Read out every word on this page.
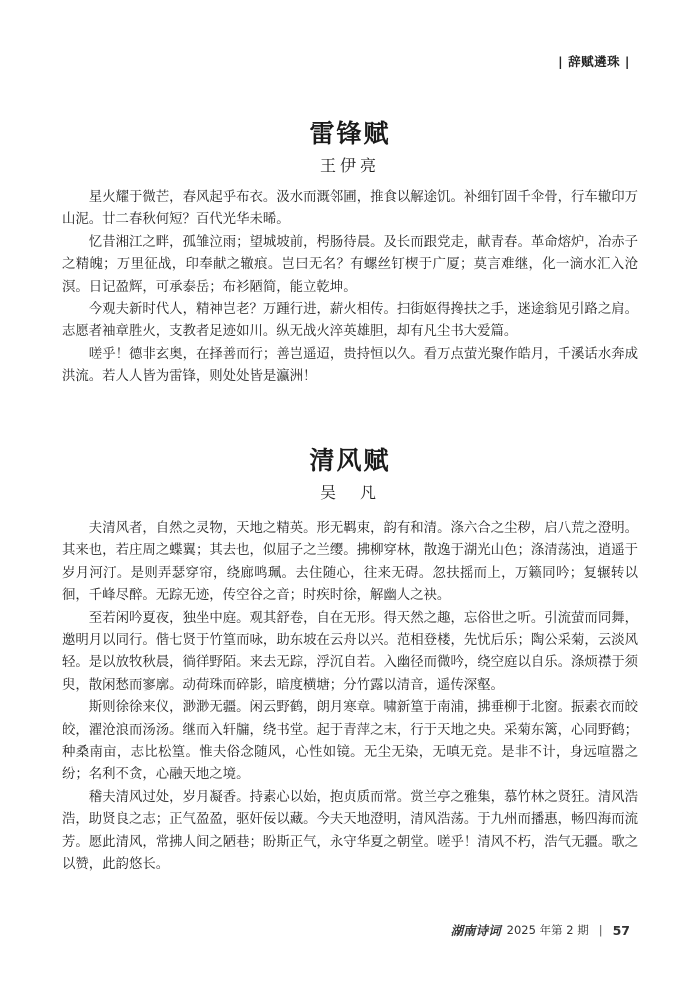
| 辞赋遴珠 |
雷锋赋
王伊亮

星火耀于微芒，春风起乎布衣。汲水而溉邻圃，推食以解途饥。补细钉固千伞骨，行车辙印万山泥。廿二春秋何短？百代光华未晞。

忆昔湘江之畔，孤雏泣雨；望城坡前，枵肠待晨。及长而跟党走，献青春。革命熔炉，冶赤子之精魄；万里征战，印奉献之辙痕。岂曰无名？有螺丝钉楔于广厦；莫言难继，化一滴水汇入沧溟。日记盈辉，可承泰岳；布衫陋简，能立乾坤。

今观夫新时代人，精神岂老？万踵行进，薪火相传。扫街妪得搀扶之手，迷途翁见引路之肩。志愿者袖章胜火，支教者足迹如川。纵无战火淬英雄胆，却有凡尘书大爱篇。

嗟乎！德非玄奥，在择善而行；善岂遥迢，贵持恒以久。看万点萤光聚作皓月，千溪话水奔成洪流。若人人皆为雷锋，则处处皆是瀛洲！

清风赋
吴　凡

夫清风者，自然之灵物，天地之精英。形无羁束，韵有和清。涤六合之尘秽，启八荒之澄明。其来也，若庄周之蝶翼；其去也，似屈子之兰缨。拂柳穿林，散逸于湖光山色；涤清荡浊，逍遥于岁月河汀。是则弄瑟穿帘，绕廊鸣珮。去住随心，往来无碍。忽扶摇而上，万籁同吟；复辗转以徊，千峰尽醉。无踪无迹，传空谷之音；时疾时徐，解幽人之袂。

至若闲吟夏夜，独坐中庭。观其舒卷，自在无形。得天然之趣，忘俗世之听。引流萤而同舞，邀明月以同行。偕七贤于竹篁而咏，助东坡在云舟以兴。范相登楼，先忧后乐；陶公采菊，云淡风轻。是以放牧秋晨，徜徉野陌。来去无踪，浮沉自若。入幽径而微吟，绕空庭以自乐。涤烦襟于须臾，散闲愁而寥廓。动荷珠而碎影，暗度横塘；分竹露以清音，遥传深壑。

斯则徐徐来仪，渺渺无疆。闲云野鹤，朗月寒章。啸新篁于南浦，拂垂柳于北窗。振素衣而皎皎，濯沧浪而汤汤。继而入轩牖，绕书堂。起于青萍之末，行于天地之央。采菊东篱，心同野鹤；种桑南亩，志比松篁。惟夫俗念随风，心性如镜。无尘无染，无嗔无竞。是非不计，身远喧嚣之纷；名利不贪，心融天地之境。

稽夫清风过处，岁月凝香。持素心以始，抱贞质而常。赏兰亭之雅集，慕竹林之贤狂。清风浩浩，助贤良之志；正气盈盈，驱奸佞以藏。今夫天地澄明，清风浩荡。于九州而播惠，畅四海而流芳。愿此清风，常拂人间之陋巷；盼斯正气，永守华夏之朝堂。嗟乎！清风不朽，浩气无疆。歌之以赞，此韵悠长。

湖南诗词 2025 年第 2 期 | 57
